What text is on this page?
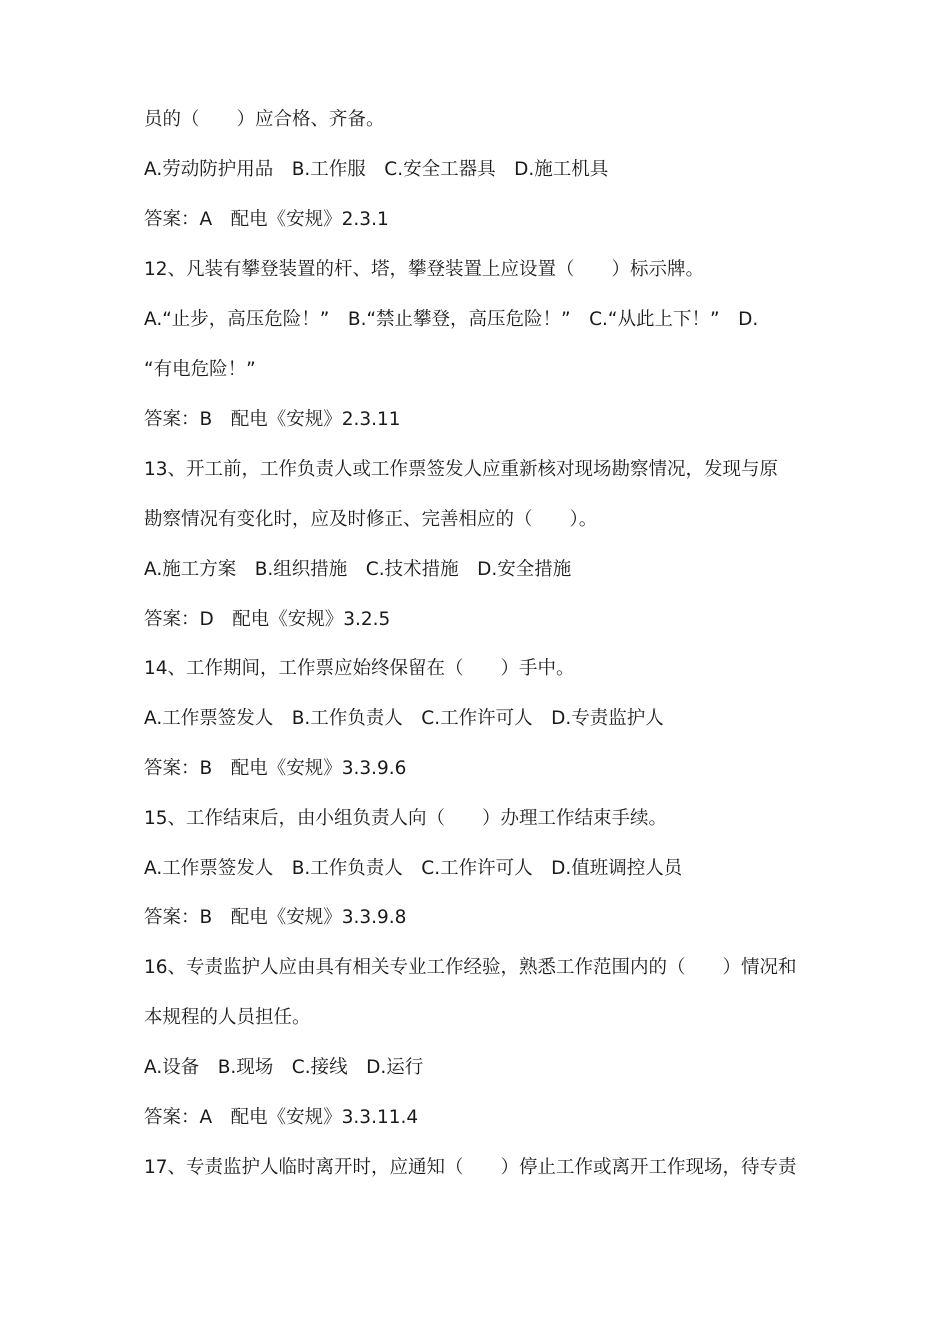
员的（　　）应合格、齐备。
A.劳动防护用品　B.工作服　C.安全工器具　D.施工机具
答案：A　配电《安规》2.3.1
12、凡装有攀登装置的杆、塔，攀登装置上应设置（　　）标示牌。
A.“止步，高压危险！”　B.“禁止攀登，高压危险！”　C.“从此上下！”　D.
“有电危险！”
答案：B　配电《安规》2.3.11
13、开工前，工作负责人或工作票签发人应重新核对现场勘察情况，发现与原
勘察情况有变化时，应及时修正、完善相应的（　　）。
A.施工方案　B.组织措施　C.技术措施　D.安全措施
答案：D　配电《安规》3.2.5
14、工作期间，工作票应始终保留在（　　）手中。
A.工作票签发人　B.工作负责人　C.工作许可人　D.专责监护人
答案：B　配电《安规》3.3.9.6
15、工作结束后，由小组负责人向（　　）办理工作结束手续。
A.工作票签发人　B.工作负责人　C.工作许可人　D.值班调控人员
答案：B　配电《安规》3.3.9.8
16、专责监护人应由具有相关专业工作经验，熟悉工作范围内的（　　）情况和
本规程的人员担任。
A.设备　B.现场　C.接线　D.运行
答案：A　配电《安规》3.3.11.4
17、专责监护人临时离开时，应通知（　　）停止工作或离开工作现场，待专责
